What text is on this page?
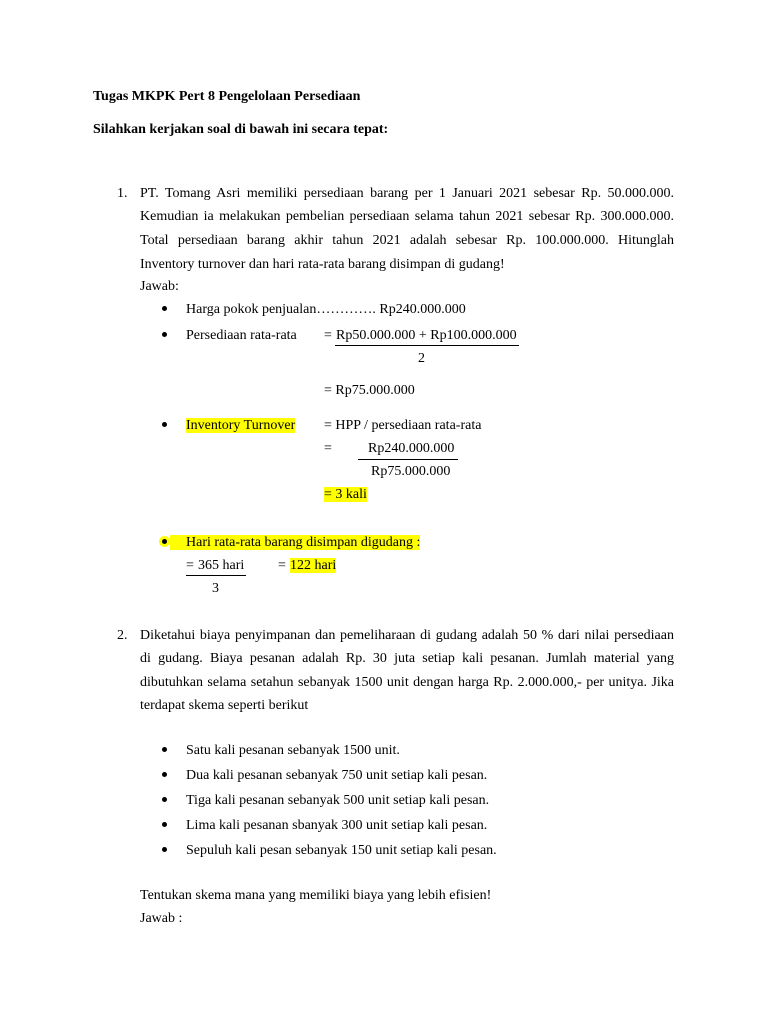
Tugas MKPK Pert 8 Pengelolaan Persediaan
Silahkan kerjakan soal di bawah ini secara tepat:
1. PT. Tomang Asri memiliki persediaan barang per 1 Januari 2021 sebesar Rp. 50.000.000.
Kemudian ia melakukan pembelian persediaan selama tahun 2021 sebesar Rp. 300.000.000.
Total persediaan barang akhir tahun 2021 adalah sebesar Rp. 100.000.000. Hitunglah
Inventory turnover dan hari rata-rata barang disimpan di gudang!
Jawab:
Harga pokok penjualan…………. Rp240.000.000
Persediaan rata-rata = Rp50.000.000 + Rp100.000.000
2
= Rp75.000.000
Inventory Turnover = HPP / persediaan rata-rata
=	Rp240.000.000
Rp75.000.000
= 3 kali
Hari rata-rata barang disimpan digudang :
= 365 hari
3
= 122 hari
2. Diketahui biaya penyimpanan dan pemeliharaan di gudang adalah 50 % dari nilai persediaan
di gudang. Biaya pesanan adalah Rp. 30 juta setiap kali pesanan. Jumlah material yang
dibutuhkan selama setahun sebanyak 1500 unit dengan harga Rp. 2.000.000,- per unitya. Jika
terdapat skema seperti berikut
Satu kali pesanan sebanyak 1500 unit.
Dua kali pesanan sebanyak 750 unit setiap kali pesan.
Tiga kali pesanan sebanyak 500 unit setiap kali pesan.
Lima kali pesanan sbanyak 300 unit setiap kali pesan.
Sepuluh kali pesan sebanyak 150 unit setiap kali pesan.
Tentukan skema mana yang memiliki biaya yang lebih efisien!
Jawab :
